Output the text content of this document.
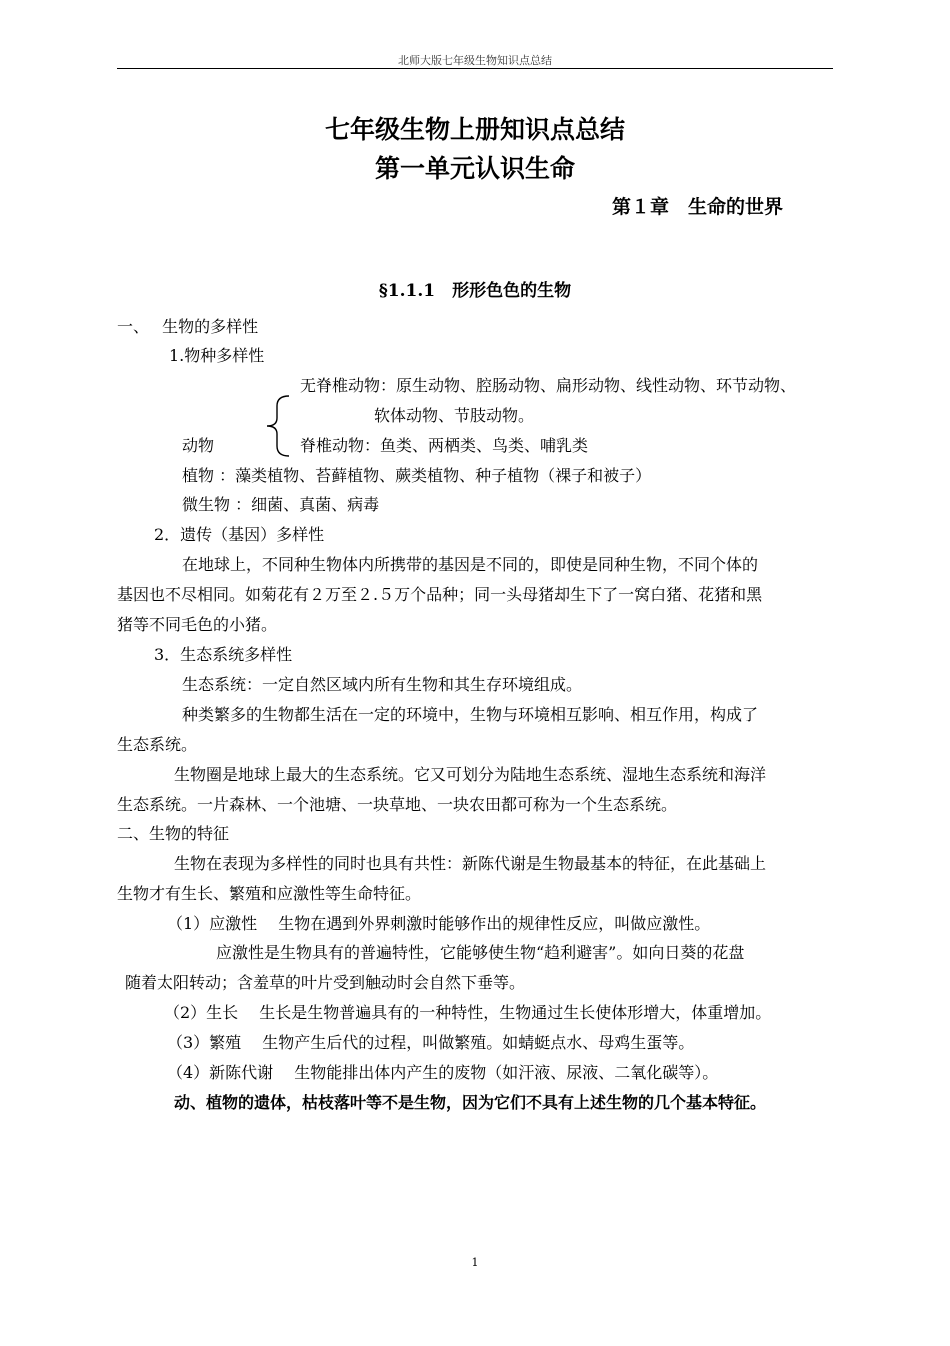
北师大版七年级生物知识点总结
七年级生物上册知识点总结
第一单元认识生命
第１章　生命的世界
§1.1.1　形形色色的生物
一、　 生物的多样性
1.物种多样性
无脊椎动物：原生动物、腔肠动物、扁形动物、线性动物、环节动物、
软体动物、节肢动物。
动物	脊椎动物：鱼类、两栖类、鸟类、哺乳类
植物 ：藻类植物、苔藓植物、蕨类植物、种子植物（裸子和被子）
微生物 ：细菌、真菌、病毒
2．遗传（基因）多样性
在地球上，不同种生物体内所携带的基因是不同的，即使是同种生物，不同个体的
基因也不尽相同。如菊花有２万至２.５万个品种；同一头母猪却生下了一窝白猪、花猪和黑
猪等不同毛色的小猪。
3．生态系统多样性
生态系统：一定自然区域内所有生物和其生存环境组成。
种类繁多的生物都生活在一定的环境中，生物与环境相互影响、相互作用，构成了
生态系统。
生物圈是地球上最大的生态系统。它又可划分为陆地生态系统、湿地生态系统和海洋
生态系统。一片森林、一个池塘、一块草地、一块农田都可称为一个生态系统。
二、生物的特征
生物在表现为多样性的同时也具有共性：新陈代谢是生物最基本的特征，在此基础上
生物才有生长、繁殖和应激性等生命特征。
（1）应激性　 生物在遇到外界刺激时能够作出的规律性反应，叫做应激性。
应激性是生物具有的普遍特性，它能够使生物“趋利避害”。如向日葵的花盘
随着太阳转动；含羞草的叶片受到触动时会自然下垂等。
（2）生长　 生长是生物普遍具有的一种特性，生物通过生长使体形增大，体重增加。
（3）繁殖　 生物产生后代的过程，叫做繁殖。如蜻蜓点水、母鸡生蛋等。
（4）新陈代谢　 生物能排出体内产生的废物（如汗液、尿液、二氧化碳等）。
动、植物的遗体，枯枝落叶等不是生物，因为它们不具有上述生物的几个基本特征。
1
